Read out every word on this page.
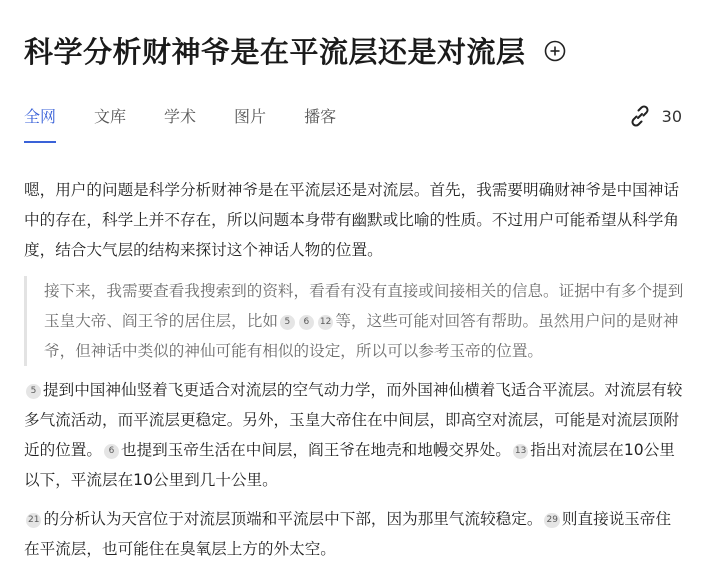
科学分析财神爷是在平流层还是对流层
全网 文库 学术 图片 播客	30

嗯，用户的问题是科学分析财神爷是在平流层还是对流层。首先，我需要明确财神爷是中国神话中的存在，科学上并不存在，所以问题本身带有幽默或比喻的性质。不过用户可能希望从科学角度，结合大气层的结构来探讨这个神话人物的位置。

接下来，我需要查看我搜索到的资料，看看有没有直接或间接相关的信息。证据中有多个提到玉皇大帝、阎王爷的居住层，比如 5 6 12 等，这些可能对回答有帮助。虽然用户问的是财神爷，但神话中类似的神仙可能有相似的设定，所以可以参考玉帝的位置。

5 提到中国神仙竖着飞更适合对流层的空气动力学，而外国神仙横着飞适合平流层。对流层有较多气流活动，而平流层更稳定。另外，玉皇大帝住在中间层，即高空对流层，可能是对流层顶附近的位置。 6 也提到玉帝生活在中间层，阎王爷在地壳和地幔交界处。 13 指出对流层在10公里以下，平流层在10公里到几十公里。

21 的分析认为天宫位于对流层顶端和平流层中下部，因为那里气流较稳定。 29 则直接说玉帝住在平流层，也可能住在臭氧层上方的外太空。
